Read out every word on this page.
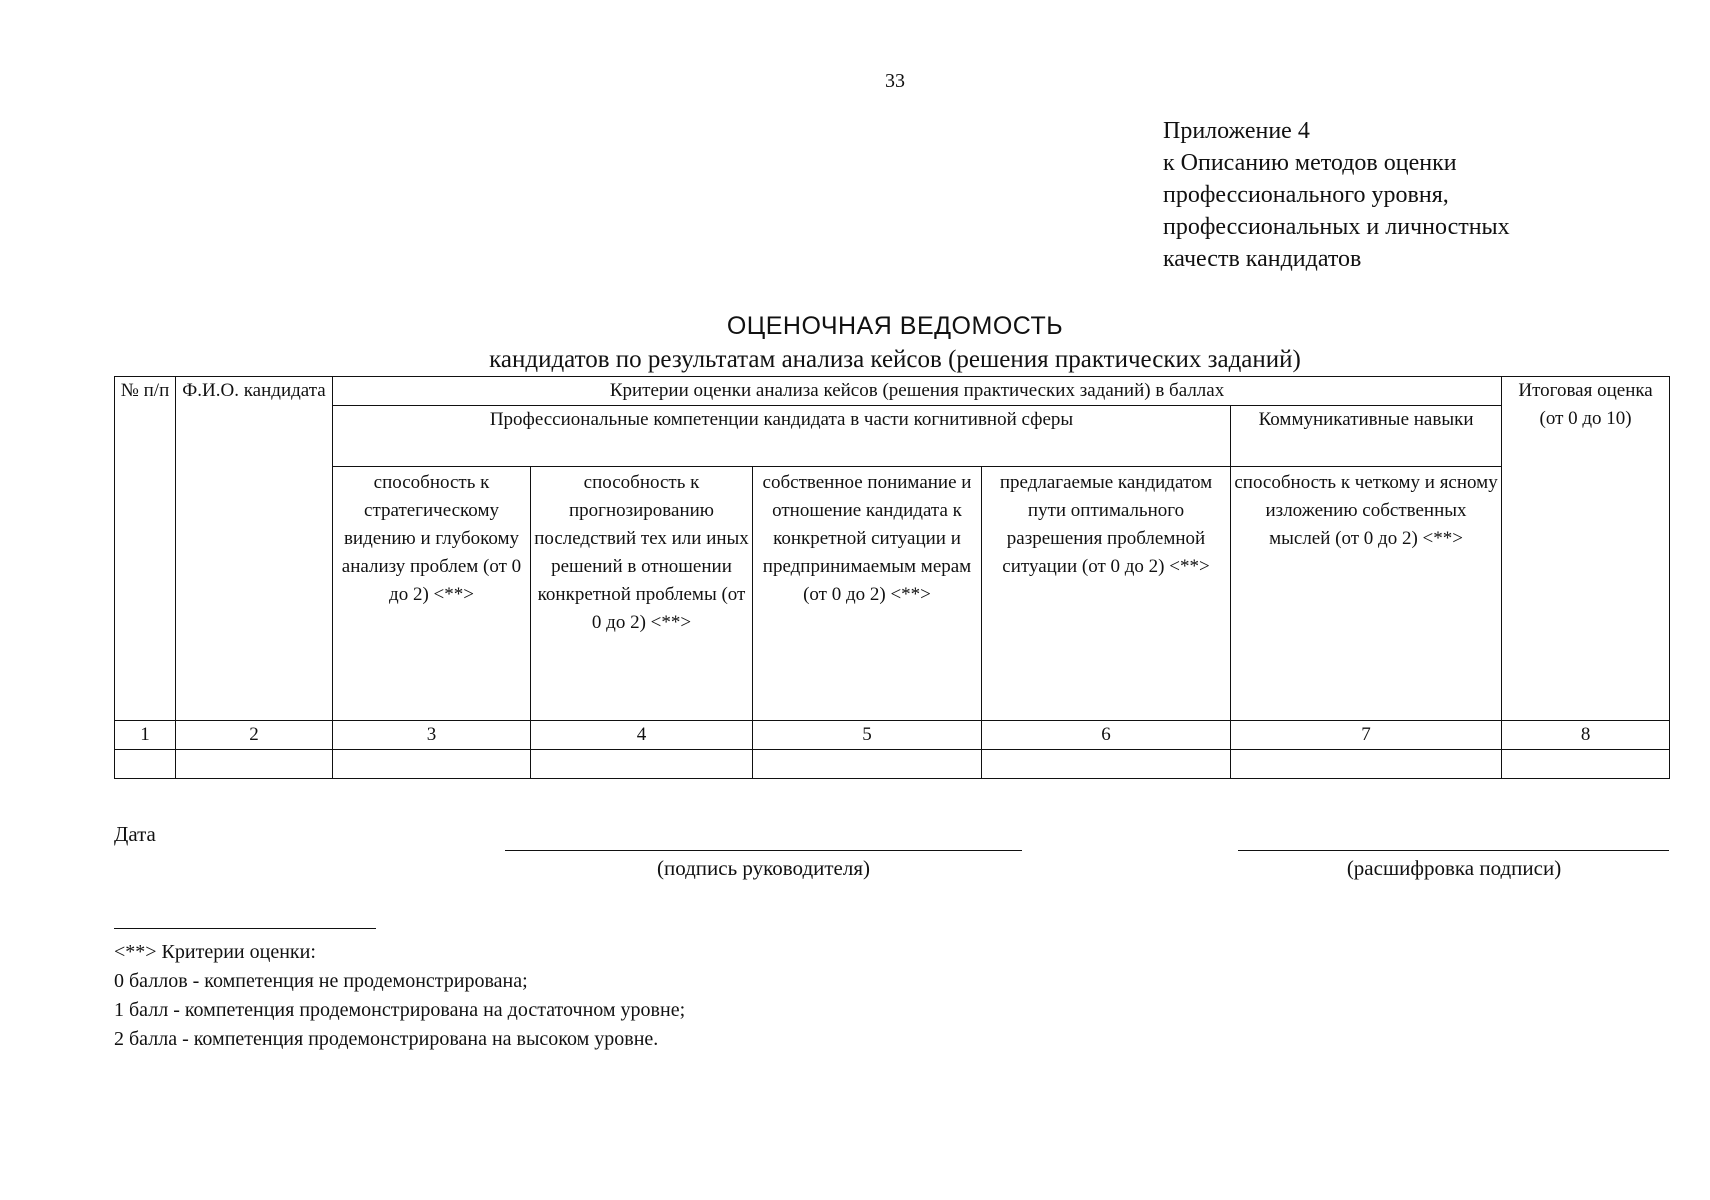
33
Приложение 4
к Описанию методов оценки
профессионального уровня,
профессиональных и личностных
качеств кандидатов
ОЦЕНОЧНАЯ ВЕДОМОСТЬ
кандидатов по результатам анализа кейсов (решения практических заданий)
№ п/п	Ф.И.О. кандидата	Критерии оценки анализа кейсов (решения практических заданий) в баллах					Итоговая оценка (от 0 до 10)
		Профессиональные компетенции кандидата в части когнитивной сферы				Коммуникативные навыки	
		способность к стратегическому видению и глубокому анализу проблем (от 0 до 2) <**>	способность к прогнозированию последствий тех или иных решений в отношении конкретной проблемы (от 0 до 2) <**>	собственное понимание и отношение кандидата к конкретной ситуации и предпринимаемым мерам (от 0 до 2) <**>	предлагаемые кандидатом пути оптимального разрешения проблемной ситуации (от 0 до 2) <**>	способность к четкому и ясному изложению собственных мыслей (от 0 до 2) <**>	
1	2	3	4	5	6	7	8

Дата
(подпись руководителя)	(расшифровка подписи)
<**> Критерии оценки:
0 баллов - компетенция не продемонстрирована;
1 балл - компетенция продемонстрирована на достаточном уровне;
2 балла - компетенция продемонстрирована на высоком уровне.
